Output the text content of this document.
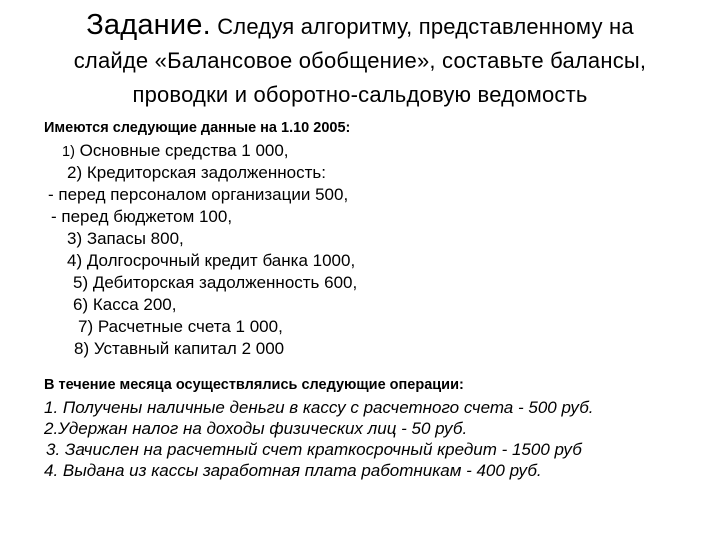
Задание. Следуя алгоритму, представленному на
слайде «Балансовое обобщение», составьте балансы,
проводки и оборотно-сальдовую ведомость
Имеются следующие данные на 1.10 2005:
1) Основные средства 1 000,
2) Кредиторская задолженность:
- перед персоналом организации 500,
- перед бюджетом 100,
3) Запасы 800,
4) Долгосрочный кредит банка 1000,
5) Дебиторская задолженность 600,
6) Касса 200,
7) Расчетные счета 1 000,
8) Уставный капитал 2 000
В течение месяца осуществлялись следующие операции:
1. Получены наличные деньги в кассу с расчетного счета - 500 руб.
2.Удержан налог на доходы физических лиц - 50 руб.
3. Зачислен на расчетный счет краткосрочный кредит - 1500 руб
4. Выдана из кассы заработная плата работникам - 400 руб.
